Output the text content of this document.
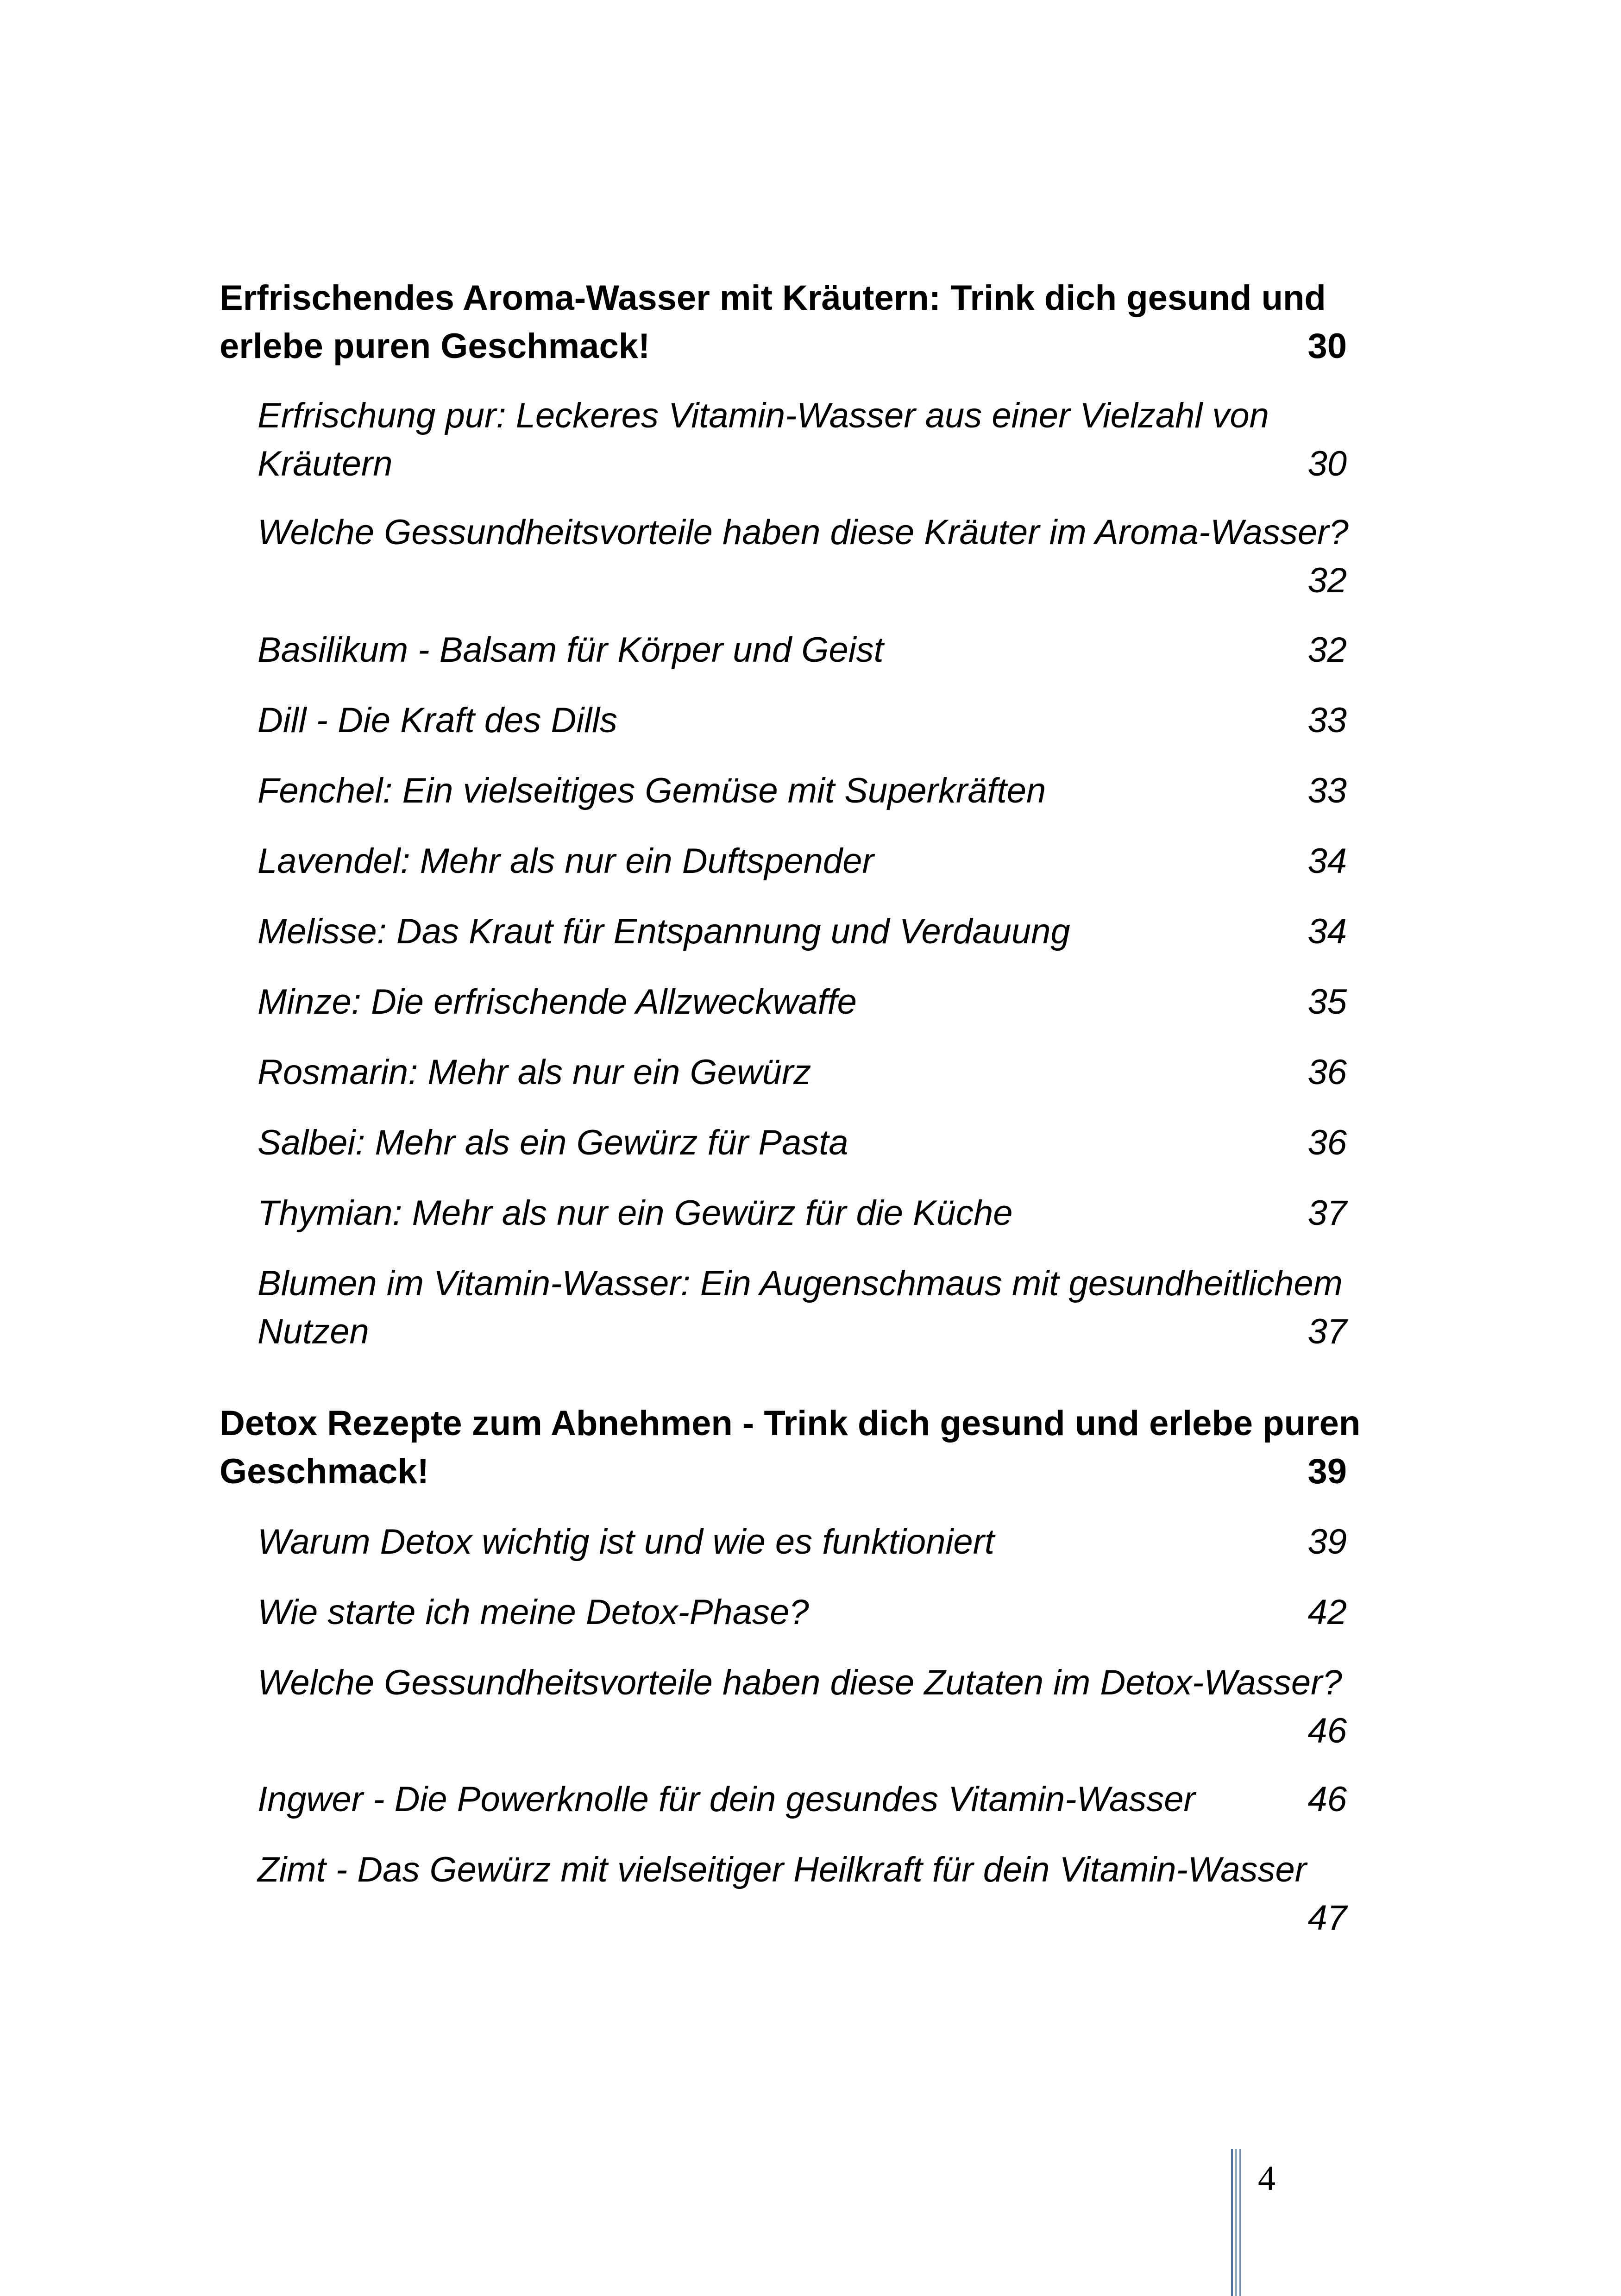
Erfrischendes Aroma-Wasser mit Kräutern: Trink dich gesund und
erlebe puren Geschmack!	30
Erfrischung pur: Leckeres Vitamin-Wasser aus einer Vielzahl von
Kräutern	30
Welche Gessundheitsvorteile haben diese Kräuter im Aroma-Wasser?
32
Basilikum - Balsam für Körper und Geist	32
Dill - Die Kraft des Dills	33
Fenchel: Ein vielseitiges Gemüse mit Superkräften	33
Lavendel: Mehr als nur ein Duftspender	34
Melisse: Das Kraut für Entspannung und Verdauung	34
Minze: Die erfrischende Allzweckwaffe	35
Rosmarin: Mehr als nur ein Gewürz	36
Salbei: Mehr als ein Gewürz für Pasta	36
Thymian: Mehr als nur ein Gewürz für die Küche	37
Blumen im Vitamin-Wasser: Ein Augenschmaus mit gesundheitlichem
Nutzen	37
Detox Rezepte zum Abnehmen - Trink dich gesund und erlebe puren
Geschmack!	39
Warum Detox wichtig ist und wie es funktioniert	39
Wie starte ich meine Detox-Phase?	42
Welche Gessundheitsvorteile haben diese Zutaten im Detox-Wasser?
46
Ingwer - Die Powerknolle für dein gesundes Vitamin-Wasser	46
Zimt - Das Gewürz mit vielseitiger Heilkraft für dein Vitamin-Wasser
47
4
